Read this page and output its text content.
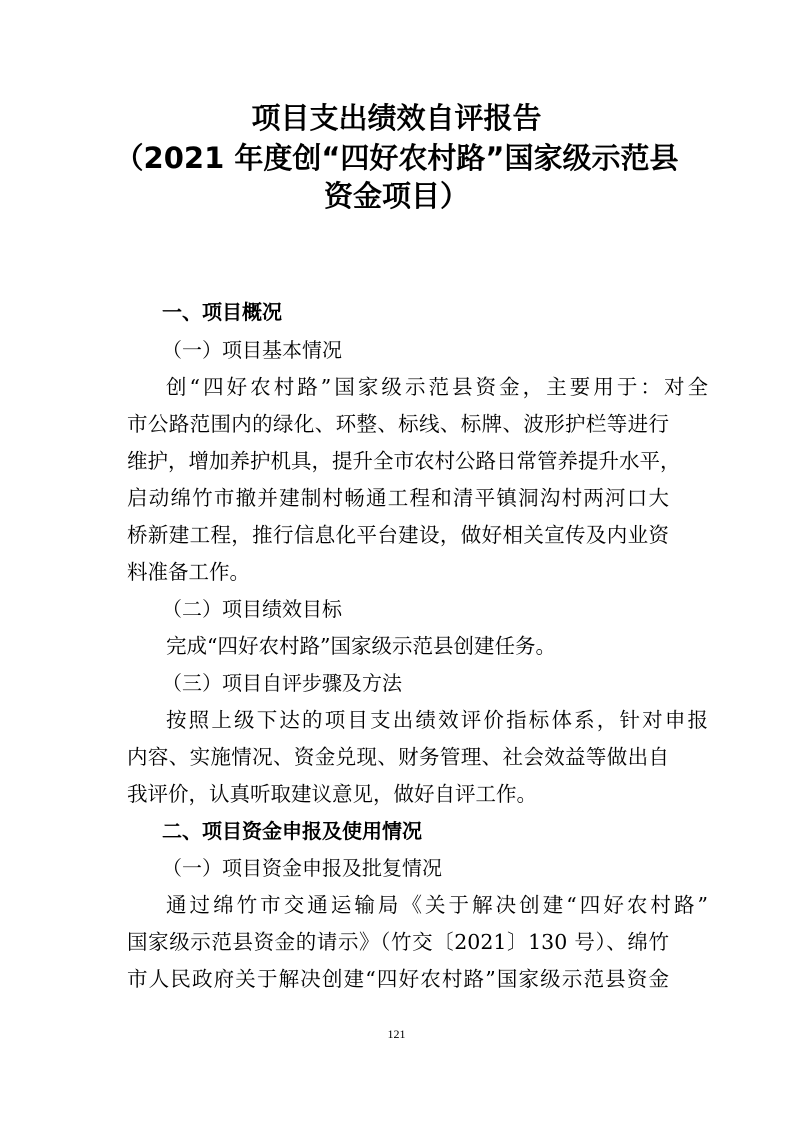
项目支出绩效自评报告
（2021 年度创“四好农村路”国家级示范县
资金项目）
一、项目概况
（一）项目基本情况
创“四好农村路”国家级示范县资金，主要用于：对全
市公路范围内的绿化、环整、标线、标牌、波形护栏等进行
维护，增加养护机具，提升全市农村公路日常管养提升水平，
启动绵竹市撤并建制村畅通工程和清平镇洞沟村两河口大
桥新建工程，推行信息化平台建设，做好相关宣传及内业资
料准备工作。
（二）项目绩效目标
完成“四好农村路”国家级示范县创建任务。
（三）项目自评步骤及方法
按照上级下达的项目支出绩效评价指标体系，针对申报
内容、实施情况、资金兑现、财务管理、社会效益等做出自
我评价，认真听取建议意见，做好自评工作。
二、项目资金申报及使用情况
（一）项目资金申报及批复情况
通过绵竹市交通运输局《关于解决创建“四好农村路”
国家级示范县资金的请示》（竹交〔2021〕130 号）、绵竹
市人民政府关于解决创建“四好农村路”国家级示范县资金
121
